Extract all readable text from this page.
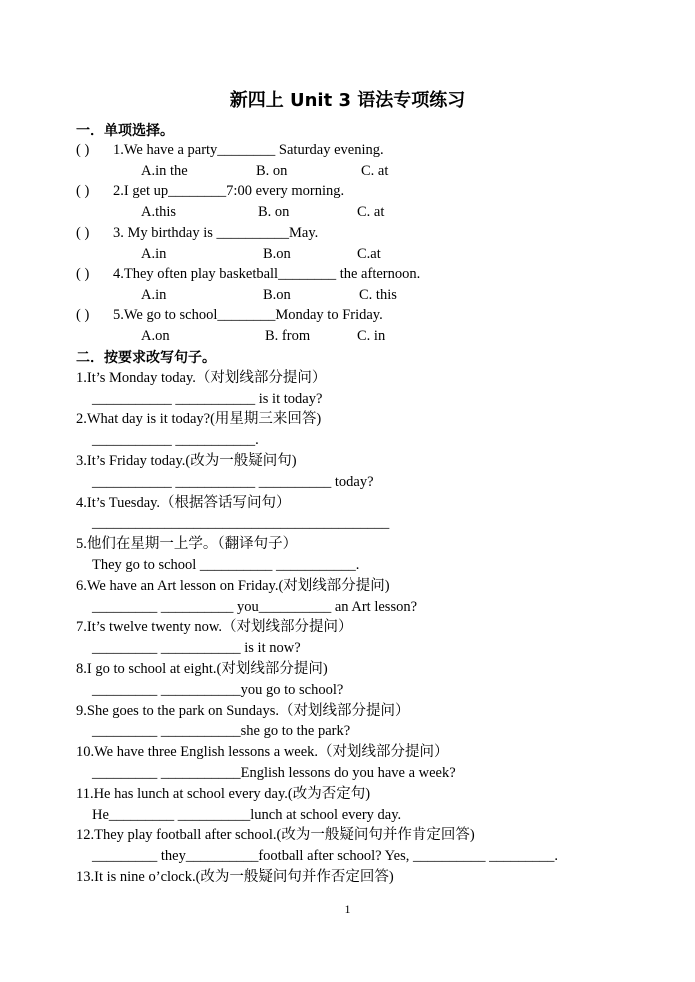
新四上 Unit 3 语法专项练习
一．单项选择。
( ) 1.We have a party________ Saturday evening.
A.in the	B. on	C. at
( ) 2.I get up________7:00 every morning.
A.this	B. on	C. at
( ) 3. My birthday is __________May.
A.in	B.on	C.at
( ) 4.They often play basketball________ the afternoon.
A.in	B.on	C. this
( ) 5.We go to school________Monday to Friday.
A.on	B. from	C. in
二．按要求改写句子。
1.It’s Monday today.（对划线部分提问）
___________ ___________ is it today?
2.What day is it today?(用星期三来回答)
___________ ___________.
3.It’s Friday today.(改为一般疑问句)
___________ ___________ __________ today?
4.It’s Tuesday.（根据答话写问句）
_________________________________________
5.他们在星期一上学。（翻译句子）
They go to school __________ ___________.
6.We have an Art lesson on Friday.(对划线部分提问)
_________ __________ you__________ an Art lesson?
7.It’s twelve twenty now.（对划线部分提问）
_________ ___________ is it now?
8.I go to school at eight.(对划线部分提问)
_________ ___________you go to school?
9.She goes to the park on Sundays.（对划线部分提问）
_________ ___________she go to the park?
10.We have three English lessons a week.（对划线部分提问）
_________ ___________English lessons do you have a week?
11.He has lunch at school every day.(改为否定句)
He_________ __________lunch at school every day.
12.They play football after school.(改为一般疑问句并作肯定回答)
_________ they__________football after school? Yes, __________ _________.
13.It is nine o’clock.(改为一般疑问句并作否定回答)
1
